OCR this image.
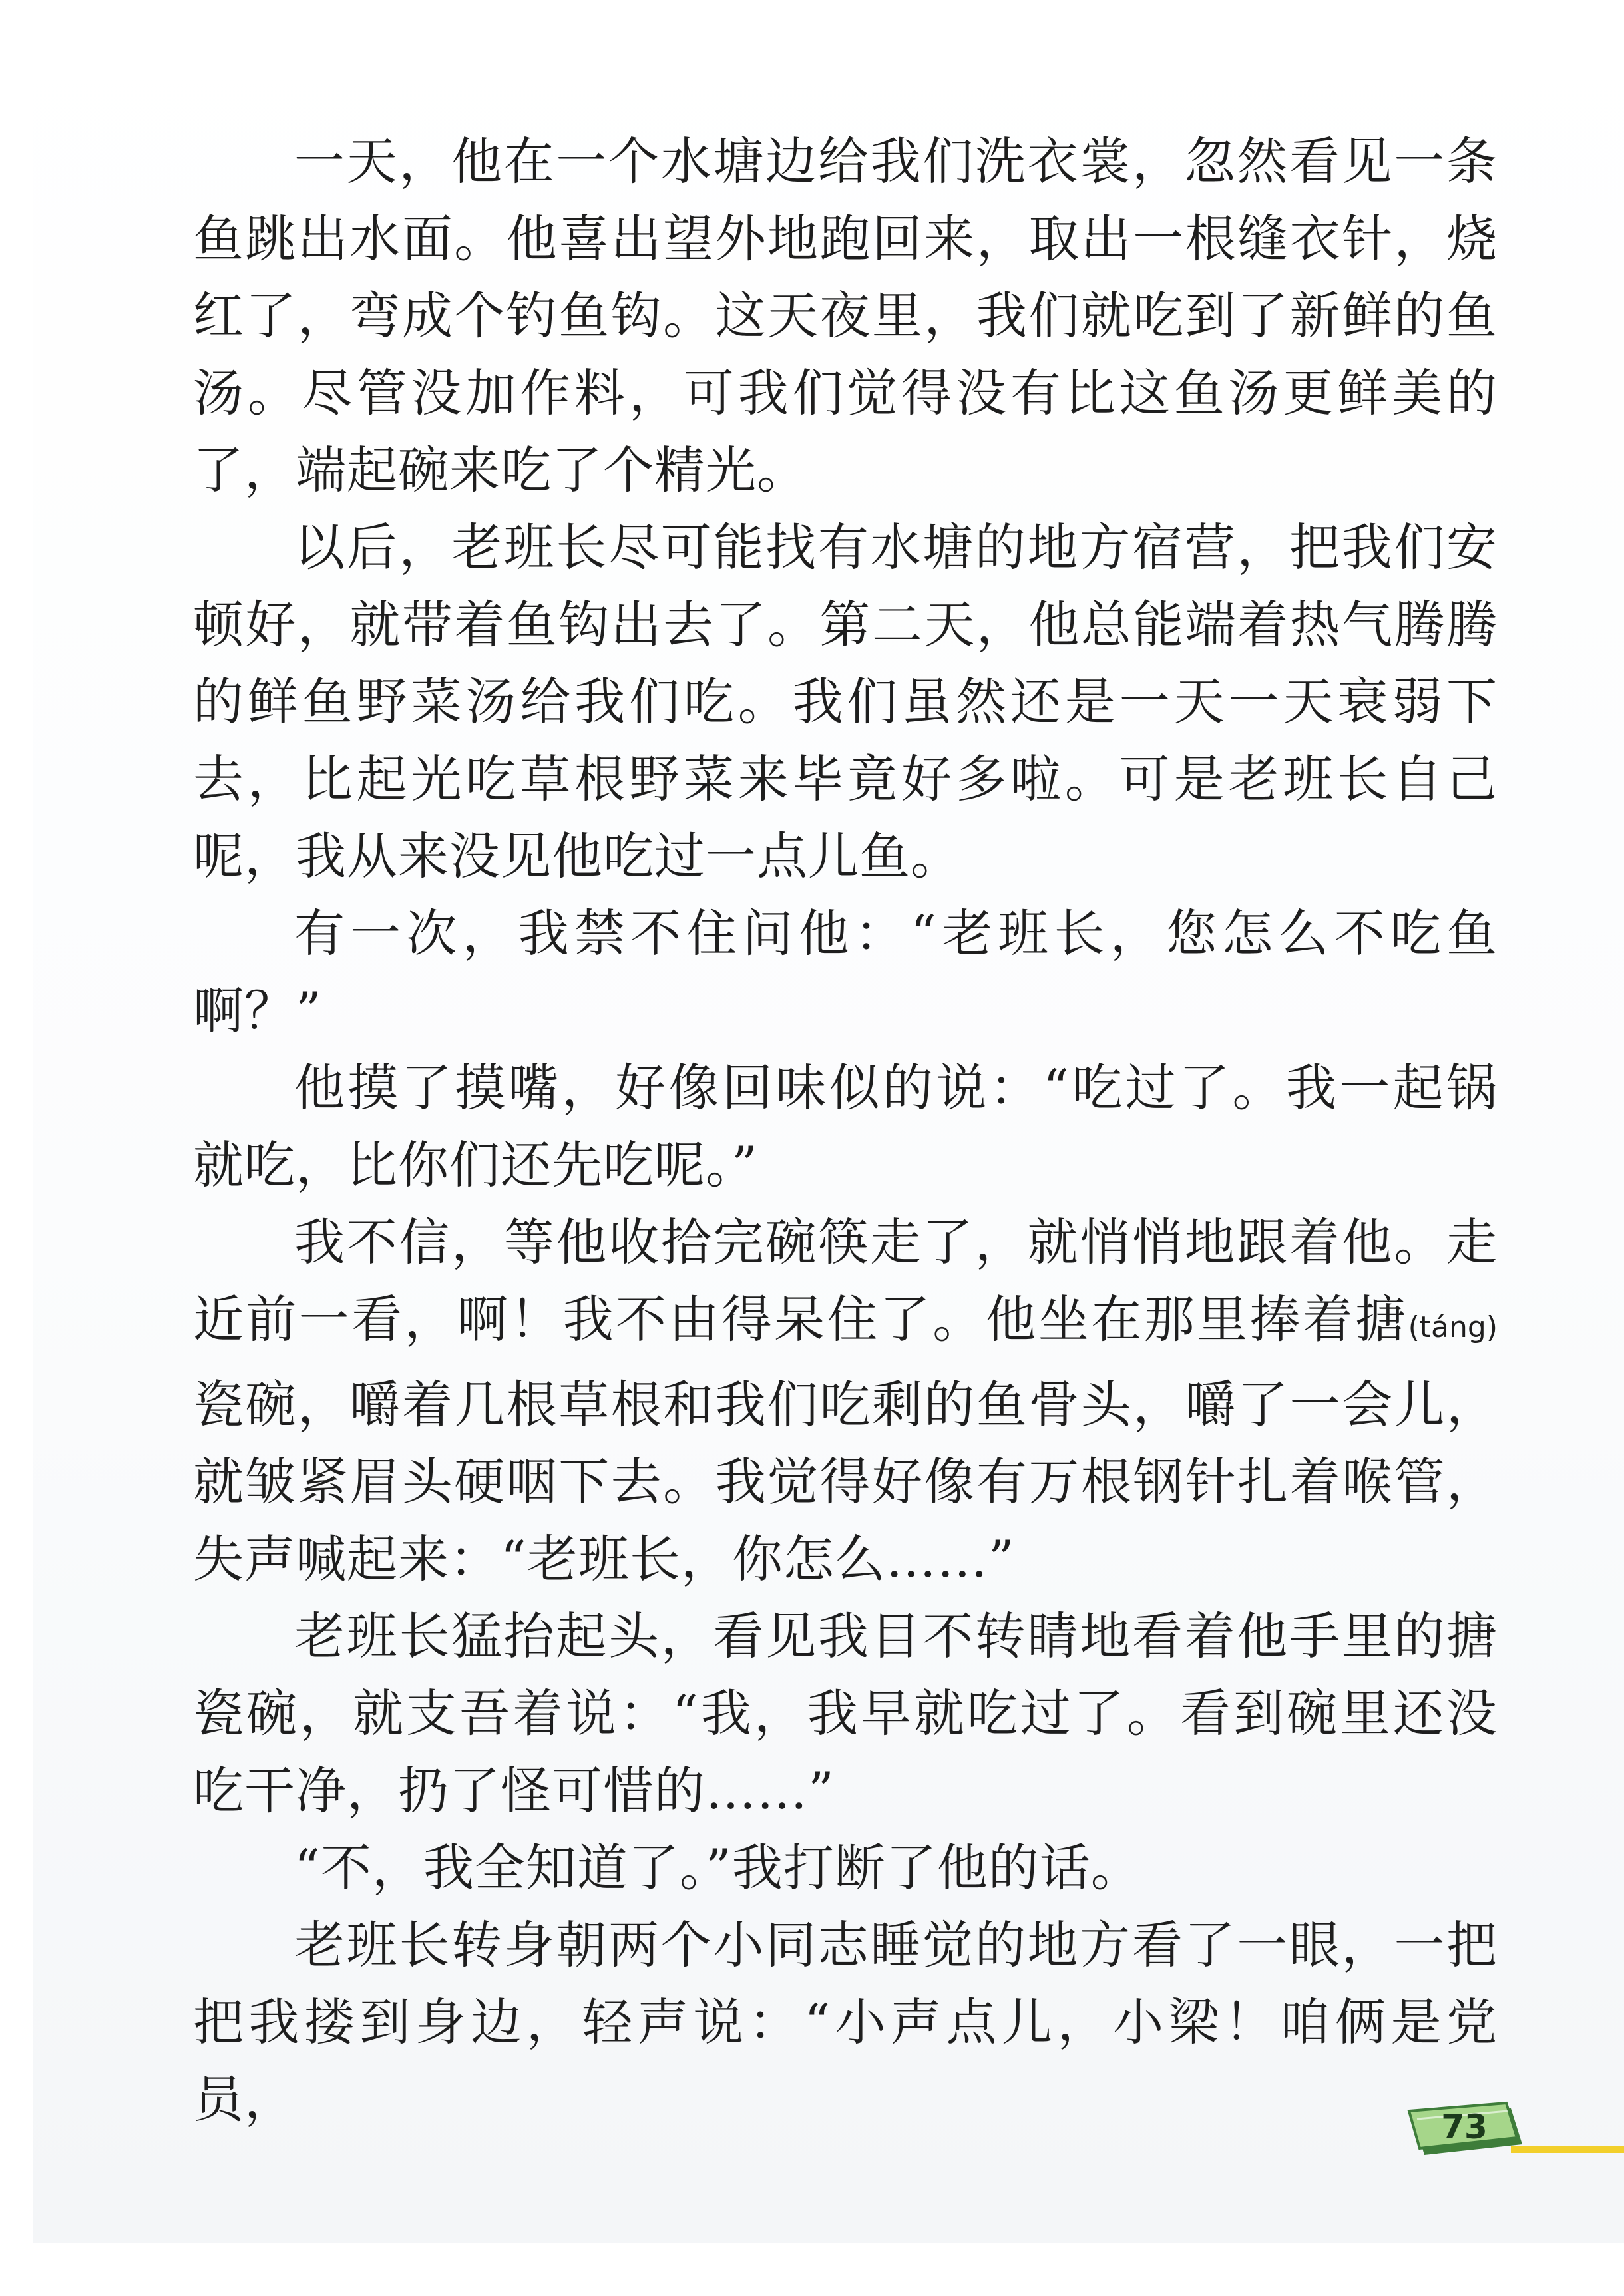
一天，他在一个水塘边给我们洗衣裳，忽然看见一条鱼跳出水面。他喜出望外地跑回来，取出一根缝衣针，烧红了，弯成个钓鱼钩。这天夜里，我们就吃到了新鲜的鱼汤。尽管没加作料，可我们觉得没有比这鱼汤更鲜美的了，端起碗来吃了个精光。

以后，老班长尽可能找有水塘的地方宿营，把我们安顿好，就带着鱼钩出去了。第二天，他总能端着热气腾腾的鲜鱼野菜汤给我们吃。我们虽然还是一天一天衰弱下去，比起光吃草根野菜来毕竟好多啦。可是老班长自己呢，我从来没见他吃过一点儿鱼。

有一次，我禁不住问他：“老班长，您怎么不吃鱼啊？”

他摸了摸嘴，好像回味似的说：“吃过了。我一起锅就吃，比你们还先吃呢。”

我不信，等他收拾完碗筷走了，就悄悄地跟着他。走近前一看，啊！我不由得呆住了。他坐在那里捧着搪(táng)瓷碗，嚼着几根草根和我们吃剩的鱼骨头，嚼了一会儿，就皱紧眉头硬咽下去。我觉得好像有万根钢针扎着喉管，失声喊起来：“老班长，你怎么……”

老班长猛抬起头，看见我目不转睛地看着他手里的搪瓷碗，就支吾着说：“我，我早就吃过了。看到碗里还没吃干净，扔了怪可惜的……”

“不，我全知道了。”我打断了他的话。

老班长转身朝两个小同志睡觉的地方看了一眼，一把把我搂到身边，轻声说：“小声点儿，小梁！咱俩是党员，	73
